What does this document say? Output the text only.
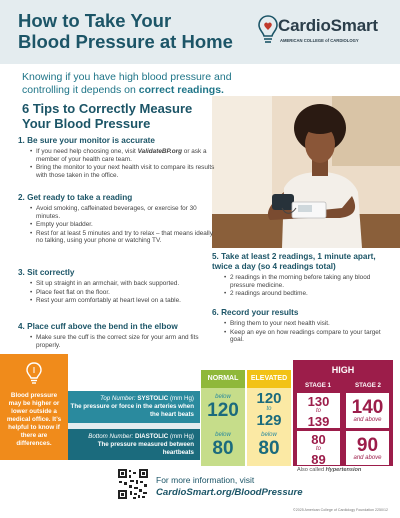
How to Take Your
Blood Pressure at Home
CardioSmart
AMERICAN COLLEGE of CARDIOLOGY
Knowing if you have high blood pressure and controlling it depends on correct readings.
6 Tips to Correctly Measure
Your Blood Pressure
1. Be sure your monitor is accurate
• If you need help choosing one, visit ValidateBP.org or ask a member of your health care team.
• Bring the monitor to your next health visit to compare its results with those taken in the office.
2. Get ready to take a reading
• Avoid smoking, caffeinated beverages, or exercise for 30 minutes.
• Empty your bladder.
• Rest for at least 5 minutes and try to relax – that means ideally no talking, using your phone or watching TV.
3. Sit correctly
• Sit up straight in an armchair, with back supported.
• Place feet flat on the floor.
• Rest your arm comfortably at heart level on a table.
4. Place cuff above the bend in the elbow
• Make sure the cuff is the correct size for your arm and fits properly.
5. Take at least 2 readings, 1 minute apart, twice a day (so 4 readings total)
• 2 readings in the morning before taking any blood pressure medicine.
• 2 readings around bedtime.
6. Record your results
• Bring them to your next health visit.
• Keep an eye on how readings compare to your target goal.
Blood pressure may be higher or lower outside a medical office. It’s helpful to know if there are differences.
Top Number: SYSTOLIC (mm Hg)
The pressure or force in the arteries when the heart beats
Bottom Number: DIASTOLIC (mm Hg)
The pressure measured between heartbeats
NORMAL
below
120
below
80
ELEVATED
120
to
129
below
80
HIGH
STAGE 1	STAGE 2
130
to
139
140
and above
80
to
89
90
and above
Also called Hypertension
For more information, visit
CardioSmart.org/BloodPressure
©2025 American College of Cardiology Foundation 2250/12
